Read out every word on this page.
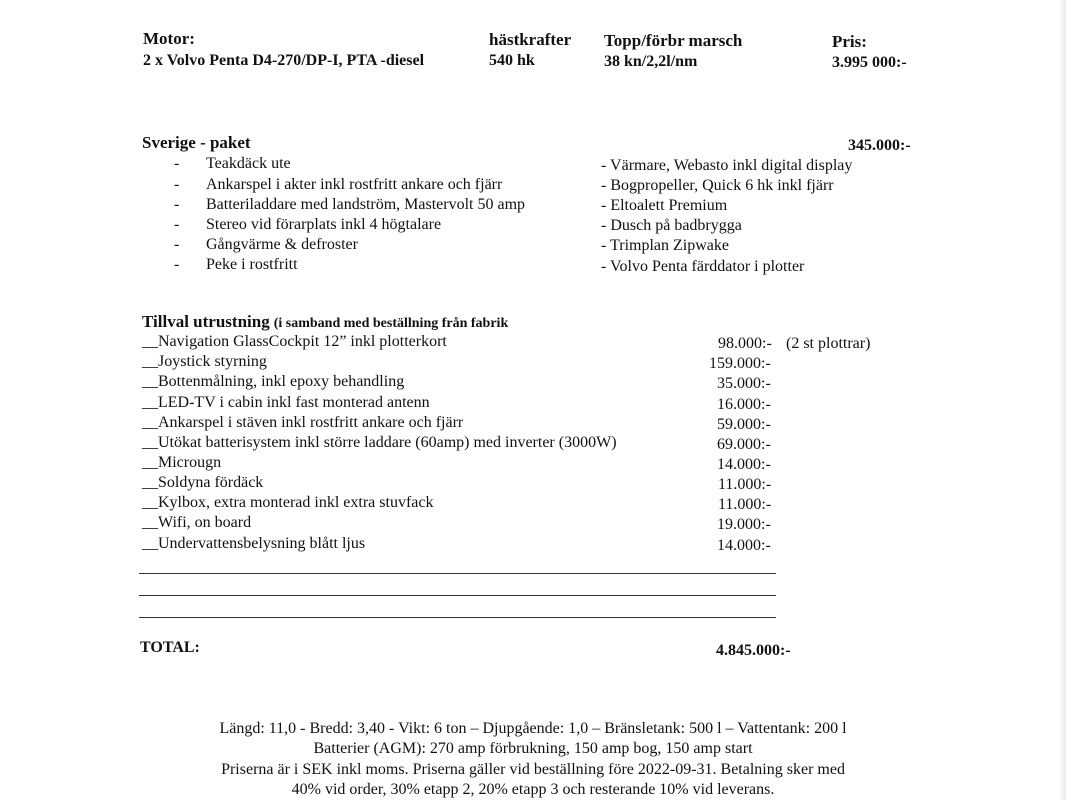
Motor:	hästkrafter Topp/förbr marsch	Pris:
2 x Volvo Penta D4-270/DP-I, PTA -diesel	540 hk	38 kn/2,2l/nm	3.995 000:-
Sverige - paket	345.000:-
- Teakdäck ute
- Ankarspel i akter inkl rostfritt ankare och fjärr
- Batteriladdare med landström, Mastervolt 50 amp
- Stereo vid förarplats inkl 4 högtalare
- Gångvärme & defroster
- Peke i rostfritt
- Värmare, Webasto inkl digital display
- Bogpropeller, Quick 6 hk inkl fjärr
- Eltoalett Premium
- Dusch på badbrygga
- Trimplan Zipwake
- Volvo Penta färddator i plotter
Tillval utrustning (i samband med beställning från fabrik
__Navigation GlassCockpit 12” inkl plotterkort	98.000:- (2 st plottrar)
__Joystick styrning	159.000:-
__Bottenmålning, inkl epoxy behandling	35.000:-
__LED-TV i cabin inkl fast monterad antenn	16.000:-
__Ankarspel i stäven inkl rostfritt ankare och fjärr	59.000:-
__Utökat batterisystem inkl större laddare (60amp) med inverter (3000W)	69.000:-
__Microugn	14.000:-
__Soldyna fördäck	11.000:-
__Kylbox, extra monterad inkl extra stuvfack	11.000:-
__Wifi, on board	19.000:-
__Undervattensbelysning blått ljus	14.000:-
TOTAL:	4.845.000:-
Längd: 11,0 - Bredd: 3,40 - Vikt: 6 ton – Djupgående: 1,0 – Bränsletank: 500 l – Vattentank: 200 l
Batterier (AGM): 270 amp förbrukning, 150 amp bog, 150 amp start
Priserna är i SEK inkl moms. Priserna gäller vid beställning före 2022-09-31. Betalning sker med
40% vid order, 30% etapp 2, 20% etapp 3 och resterande 10% vid leverans.
